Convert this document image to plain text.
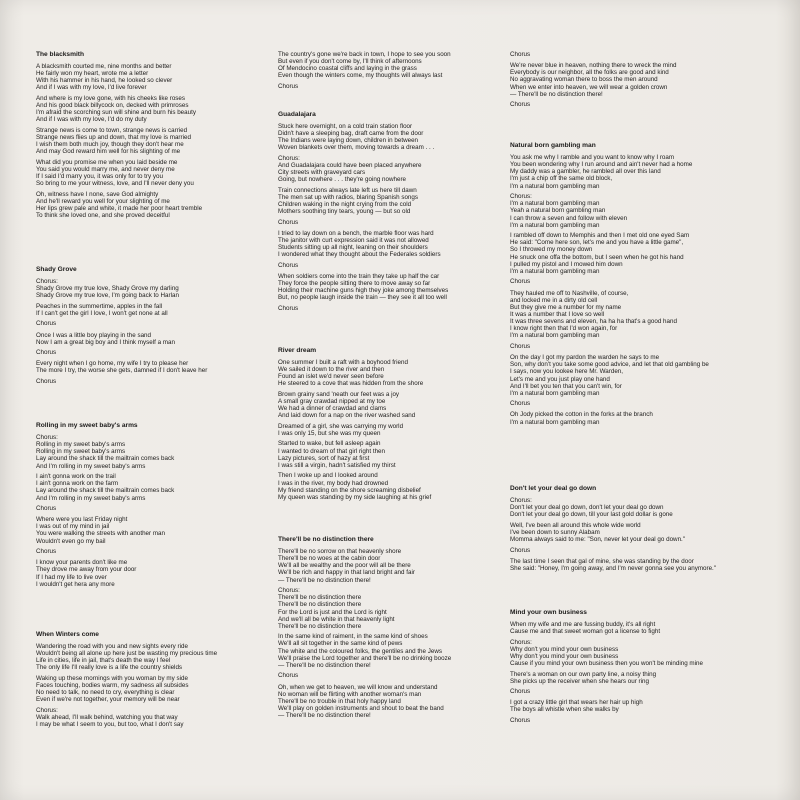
The blacksmith

A blacksmith courted me, nine months and better
He fairly won my heart, wrote me a letter
With his hammer in his hand, he looked so clever
And if I was with my love, I'd live forever

And where is my love gone, with his cheeks like roses
And his good black billycock on, decked with primroses
I'm afraid the scorching sun will shine and burn his beauty
And if I was with my love, I'd do my duty

Strange news is come to town, strange news is carried
Strange news flies up and down, that my love is married
I wish them both much joy, though they don't hear me
And may God reward him well for his slighting of me

What did you promise me when you laid beside me
You said you would marry me, and never deny me
If I said I'd marry you, it was only for to try you
So bring to me your witness, love, and I'll never deny you

Oh, witness have I none, save God almighty
And he'll reward you well for your slighting of me
Her lips grew pale and white, it made her poor heart tremble
To think she loved one, and she proved deceitful

Shady Grove

Chorus:
Shady Grove my true love, Shady Grove my darling
Shady Grove my true love, I'm going back to Harlan

Peaches in the summertime, apples in the fall
If I can't get the girl I love, I won't get none at all

Chorus

Once I was a little boy playing in the sand
Now I am a great big boy and I think myself a man

Chorus

Every night when I go home, my wife I try to please her
The more I try, the worse she gets, damned if I don't leave her

Chorus

Rolling in my sweet baby's arms

Chorus:
Rolling in my sweet baby's arms
Rolling in my sweet baby's arms
Lay around the shack till the mailtrain comes back
And I'm rolling in my sweet baby's arms

I ain't gonna work on the trail
I ain't gonna work on the farm
Lay around the shack till the mailtrain comes back
And I'm rolling in my sweet baby's arms

Chorus

Where were you last Friday night
I was out of my mind in jail
You were walking the streets with another man
Wouldn't even go my bail

Chorus

I know your parents don't like me
They drove me away from your door
If I had my life to live over
I wouldn't get hera any more

When Winters come

Wandering the road with you and new sights every ride
Wouldn't being all alone up here just be wasting my precious time
Life in cities, life in jail, that's death the way I feel
The only life I'll really love is a life the country shields

Waking up these mornings with you woman by my side
Faces touching, bodies warm, my sadness all subsides
No need to talk, no need to cry, everything is clear
Even if we're not together, your memory will be near

Chorus:
Walk ahead, I'll walk behind, watching you that way
I may be what I seem to you, but too, what I don't say

The country's gone we're back in town, I hope to see you soon
But even if you don't come by, I'll think of afternoons
Of Mendocino coastal cliffs and laying in the grass
Even though the winters come, my thoughts will always last

Chorus

Guadalajara

Stuck here overnight, on a cold train station floor
Didn't have a sleeping bag, draft came from the door
The Indians were laying down, children in between
Woven blankets over them, moving towards a dream . . .

Chorus:
And Guadalajara could have been placed anywhere
City streets with graveyard cars
Going, but nowhere . . . they're going nowhere

Train connections always late left us here till dawn
The men sat up with radios, blaring Spanish songs
Children waking in the night crying from the cold
Mothers soothing tiny tears, young — but so old

Chorus

I tried to lay down on a bench, the marble floor was hard
The janitor with curt expression said it was not allowed
Students sitting up all night, leaning on their shoulders
I wondered what they thought about the Federales soldiers

Chorus

When soldiers come into the train they take up half the car
They force the people sitting there to move away so far
Holding their machine guns high they joke among themselves
But, no people laugh inside the train — they see it all too well

Chorus

River dream

One summer I built a raft with a boyhood friend
We sailed it down to the river and then
Found an islet we'd never seen before
He steered to a cove that was hidden from the shore

Brown grainy sand 'neath our feet was a joy
A small gray crawdad nipped at my toe
We had a dinner of crawdad and clams
And laid down for a nap on the river washed sand

Dreamed of a girl, she was carrying my world
I was only 15, but she was my queen

Started to wake, but fell asleep again
I wanted to dream of that girl right then
Lazy pictures, sort of hazy at first
I was still a virgin, hadn't satisfied my thirst

Then I woke up and I looked around
I was in the river, my body had drowned
My friend standing on the shore screaming disbelief
My queen was standing by my side laughing at his grief

There'll be no distinction there

There'll be no sorrow on that heavenly shore
There'll be no woes at the cabin door
We'll all be wealthy and the poor will all be there
We'll be rich and happy in that land bright and fair
— There'll be no distinction there!

Chorus:
There'll be no distinction there
There'll be no distinction there
For the Lord is just and the Lord is right
And we'll all be white in that heavenly light
There'll be no distinction there

In the same kind of raiment, in the same kind of shoes
We'll all sit together in the same kind of pews
The white and the coloured folks, the gentiles and the Jews
We'll praise the Lord together and there'll be no drinking booze
— There'll be no distinction there!

Chorus

Oh, when we get to heaven, we will know and understand
No woman will be flirting with another woman's man
There'll be no trouble in that holy happy land
We'll play on golden instruments and shout to beat the band
— There'll be no distinction there!

Chorus

We're never blue in heaven, nothing there to wreck the mind
Everybody is our neighbor, all the folks are good and kind
No aggravating woman there to boss the men around
When we enter into heaven, we will wear a golden crown
— There'll be no distinction there!

Chorus

Natural born gambling man

You ask me why I ramble and you want to know why I roam
You been wondering why I run around and ain't never had a home
My daddy was a gambler, he rambled all over this land
I'm just a chip off the same old block,
I'm a natural born gambling man

Chorus:
I'm a natural born gambling man
Yeah a natural born gambling man
I can throw a seven and follow with eleven
I'm a natural born gambling man

I rambled off down to Memphis and then I met old one eyed Sam
He said: "Come here son, let's me and you have a little game",
So I throwed my money down
He snuck one offa the bottom, but I seen when he got his hand
I pulled my pistol and I mowed him down
I'm a natural born gambling man

Chorus

They hauled me off to Nashville, of course,
and locked me in a dirty old cell
But they give me a number for my name
It was a number that I love so well
It was three sevens and eleven, ha ha ha that's a good hand
I know right then that I'd won again, for
I'm a natural born gambling man

Chorus

On the day I got my pardon the warden he says to me
Son, why don't you take some good advice, and let that old gambling be
I says, now you lookee here Mr. Warden,
Let's me and you just play one hand
And I'll bet you ten that you can't win, for
I'm a natural born gambling man

Chorus

Oh Jody picked the cotton in the forks at the branch
I'm a natural born gambling man

Don't let your deal go down

Chorus:
Don't let your deal go down, don't let your deal go down
Don't let your deal go down, till your last gold dollar is gone

Well, I've been all around this whole wide world
I've been down to sunny Alabam
Momma always said to me: "Son, never let your deal go down."

Chorus

The last time I seen that gal of mine, she was standing by the door
She said: "Honey, I'm going away, and I'm never gonna see you anymore."

Mind your own business

When my wife and me are fussing buddy, it's all right
Cause me and that sweet woman got a license to fight

Chorus:
Why don't you mind your own business
Why don't you mind your own business
Cause if you mind your own business then you won't be minding mine

There's a woman on our own party line, a noisy thing
She picks up the receiver when she hears our ring

Chorus

I got a crazy little girl that wears her hair up high
The boys all whistle when she walks by

Chorus
